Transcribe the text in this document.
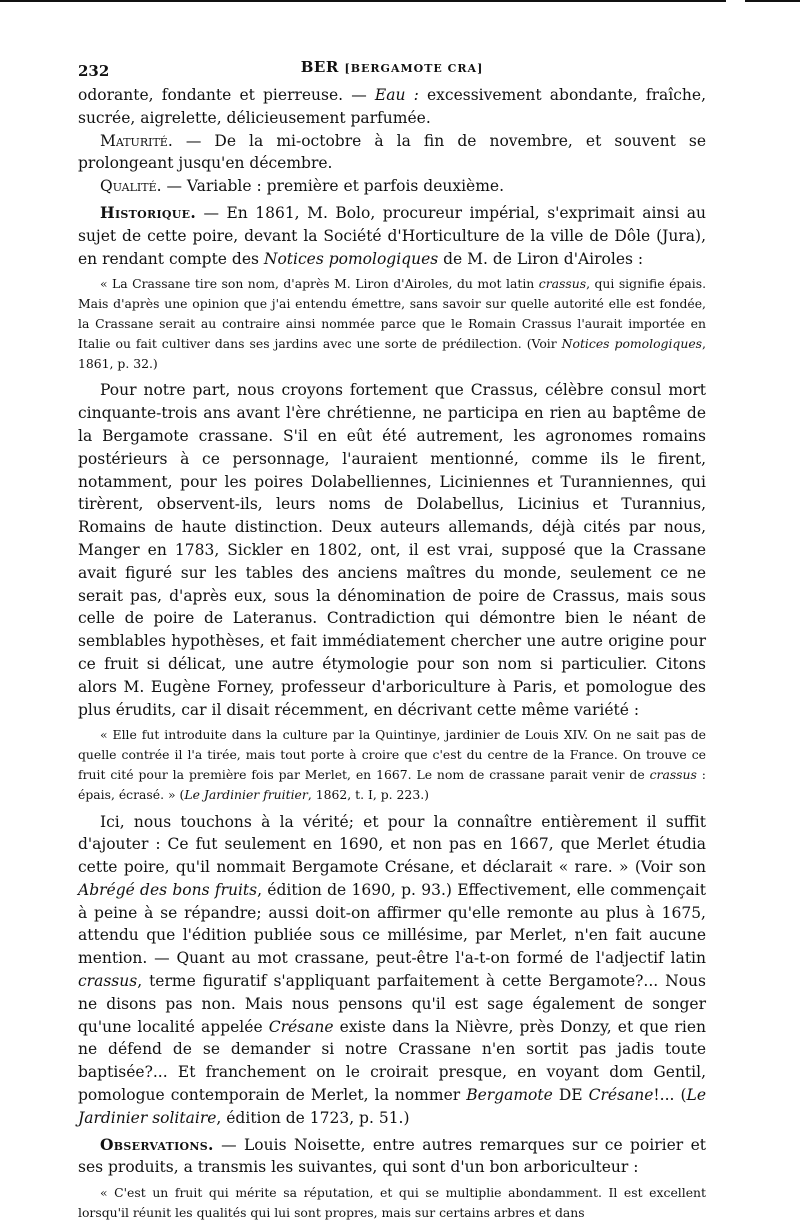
232	BER [BERGAMOTE CRA]

odorante, fondante et pierreuse. — Eau : excessivement abondante, fraîche, sucrée, aigrelette, délicieusement parfumée.

Maturité. — De la mi-octobre à la fin de novembre, et souvent se prolongeant jusqu'en décembre.

Qualité. — Variable : première et parfois deuxième.

Historique. — En 1861, M. Bolo, procureur impérial, s'exprimait ainsi au sujet de cette poire, devant la Société d'Horticulture de la ville de Dôle (Jura), en rendant compte des Notices pomologiques de M. de Liron d'Airoles :

« La Crassane tire son nom, d'après M. Liron d'Airoles, du mot latin crassus, qui signifie épais. Mais d'après une opinion que j'ai entendu émettre, sans savoir sur quelle autorité elle est fondée, la Crassane serait au contraire ainsi nommée parce que le Romain Crassus l'aurait importée en Italie ou fait cultiver dans ses jardins avec une sorte de prédilection. (Voir Notices pomologiques, 1861, p. 32.)

Pour notre part, nous croyons fortement que Crassus, célèbre consul mort cinquante-trois ans avant l'ère chrétienne, ne participa en rien au baptême de la Bergamote crassane. S'il en eût été autrement, les agronomes romains postérieurs à ce personnage, l'auraient mentionné, comme ils le firent, notamment, pour les poires Dolabelliennes, Liciniennes et Turanniennes, qui tirèrent, observent-ils, leurs noms de Dolabellus, Licinius et Turannius, Romains de haute distinction. Deux auteurs allemands, déjà cités par nous, Manger en 1783, Sickler en 1802, ont, il est vrai, supposé que la Crassane avait figuré sur les tables des anciens maîtres du monde, seulement ce ne serait pas, d'après eux, sous la dénomination de poire de Crassus, mais sous celle de poire de Lateranus. Contradiction qui démontre bien le néant de semblables hypothèses, et fait immédiatement chercher une autre origine pour ce fruit si délicat, une autre étymologie pour son nom si particulier. Citons alors M. Eugène Forney, professeur d'arboriculture à Paris, et pomologue des plus érudits, car il disait récemment, en décrivant cette même variété :

« Elle fut introduite dans la culture par la Quintinye, jardinier de Louis XIV. On ne sait pas de quelle contrée il l'a tirée, mais tout porte à croire que c'est du centre de la France. On trouve ce fruit cité pour la première fois par Merlet, en 1667. Le nom de crassane parait venir de crassus : épais, écrasé. » (Le Jardinier fruitier, 1862, t. I, p. 223.)

Ici, nous touchons à la vérité; et pour la connaître entièrement il suffit d'ajouter : Ce fut seulement en 1690, et non pas en 1667, que Merlet étudia cette poire, qu'il nommait Bergamote Crésane, et déclarait « rare. » (Voir son Abrégé des bons fruits, édition de 1690, p. 93.) Effectivement, elle commençait à peine à se répandre; aussi doit-on affirmer qu'elle remonte au plus à 1675, attendu que l'édition publiée sous ce millésime, par Merlet, n'en fait aucune mention. — Quant au mot crassane, peut-être l'a-t-on formé de l'adjectif latin crassus, terme figuratif s'appliquant parfaitement à cette Bergamote?... Nous ne disons pas non. Mais nous pensons qu'il est sage également de songer qu'une localité appelée Crésane existe dans la Nièvre, près Donzy, et que rien ne défend de se demander si notre Crassane n'en sortit pas jadis toute baptisée?... Et franchement on le croirait presque, en voyant dom Gentil, pomologue contemporain de Merlet, la nommer Bergamote DE Crésane!... (Le Jardinier solitaire, édition de 1723, p. 51.)

Observations. — Louis Noisette, entre autres remarques sur ce poirier et ses produits, a transmis les suivantes, qui sont d'un bon arboriculteur :

« C'est un fruit qui mérite sa réputation, et qui se multiplie abondamment. Il est excellent lorsqu'il réunit les qualités qui lui sont propres, mais sur certains arbres et dans
